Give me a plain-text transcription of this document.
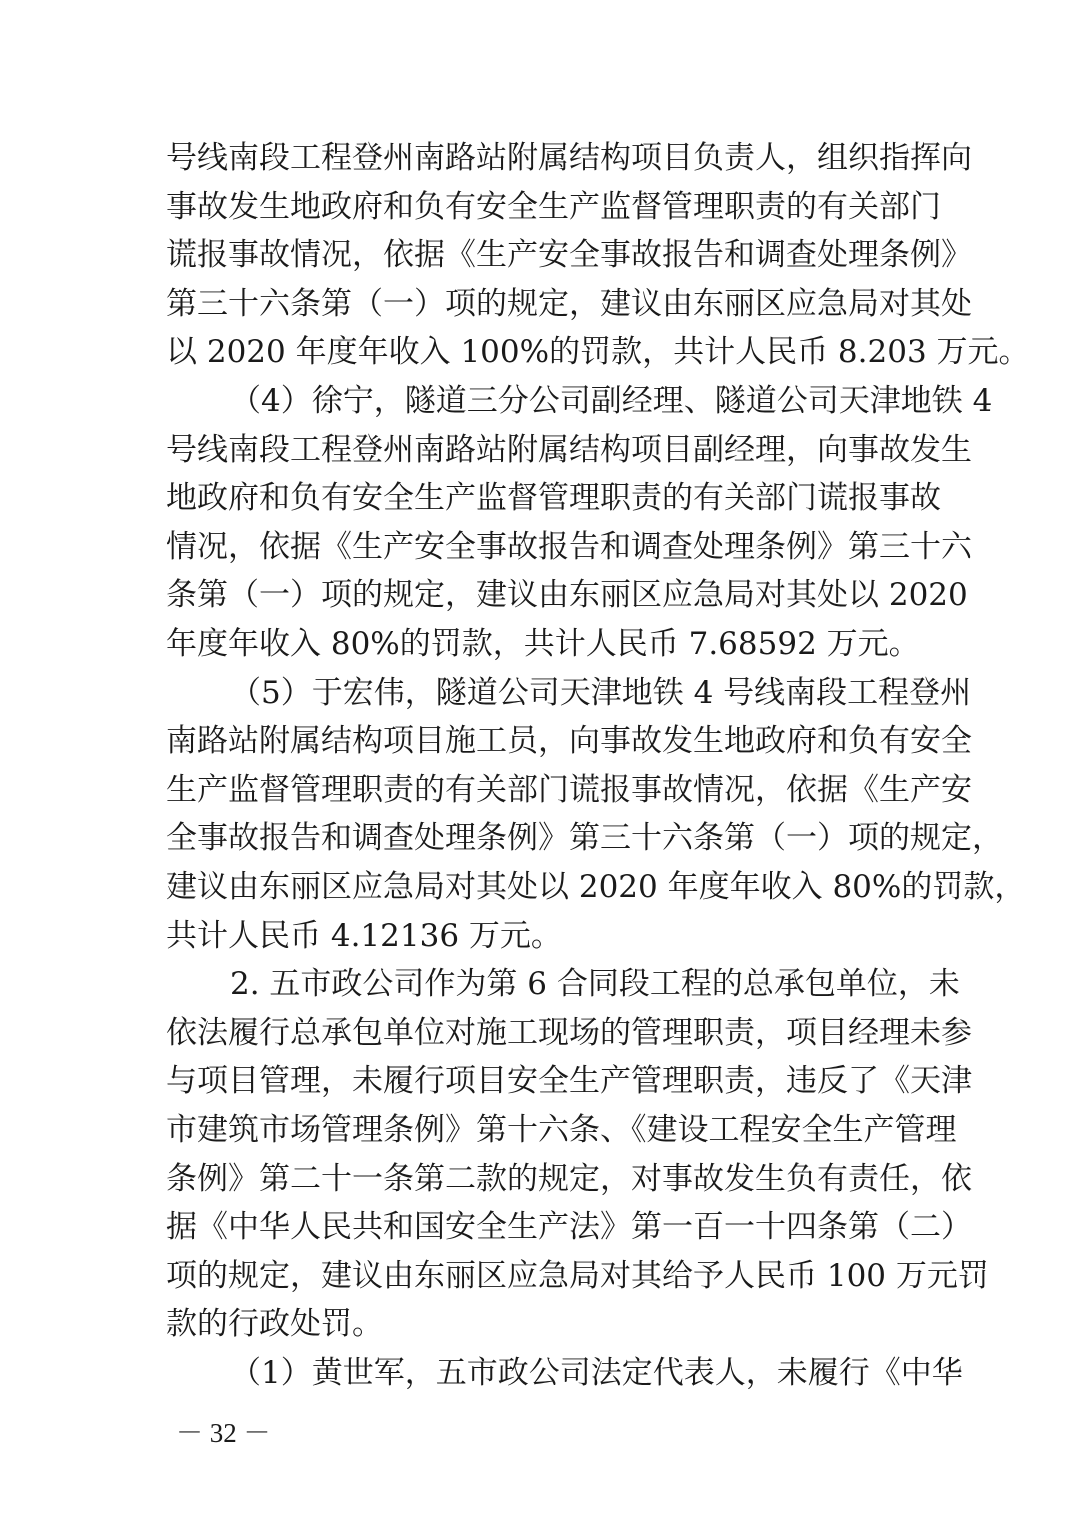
号线南段工程登州南路站附属结构项目负责人，组织指挥向
事故发生地政府和负有安全生产监督管理职责的有关部门
谎报事故情况，依据《生产安全事故报告和调查处理条例》
第三十六条第（一）项的规定，建议由东丽区应急局对其处
以 2020 年度年收入 100%的罚款，共计人民币 8.203 万元。
（4）徐宁，隧道三分公司副经理、隧道公司天津地铁 4
号线南段工程登州南路站附属结构项目副经理，向事故发生
地政府和负有安全生产监督管理职责的有关部门谎报事故
情况，依据《生产安全事故报告和调查处理条例》第三十六
条第（一）项的规定，建议由东丽区应急局对其处以 2020
年度年收入 80%的罚款，共计人民币 7.68592 万元。
（5）于宏伟，隧道公司天津地铁 4 号线南段工程登州
南路站附属结构项目施工员，向事故发生地政府和负有安全
生产监督管理职责的有关部门谎报事故情况，依据《生产安
全事故报告和调查处理条例》第三十六条第（一）项的规定，
建议由东丽区应急局对其处以 2020 年度年收入 80%的罚款，
共计人民币 4.12136 万元。
2. 五市政公司作为第 6 合同段工程的总承包单位，未
依法履行总承包单位对施工现场的管理职责，项目经理未参
与项目管理，未履行项目安全生产管理职责，违反了《天津
市建筑市场管理条例》第十六条、《建设工程安全生产管理
条例》第二十一条第二款的规定，对事故发生负有责任，依
据《中华人民共和国安全生产法》第一百一十四条第（二）
项的规定，建议由东丽区应急局对其给予人民币 100 万元罚
款的行政处罚。
（1）黄世军，五市政公司法定代表人，未履行《中华
－ 32 －
